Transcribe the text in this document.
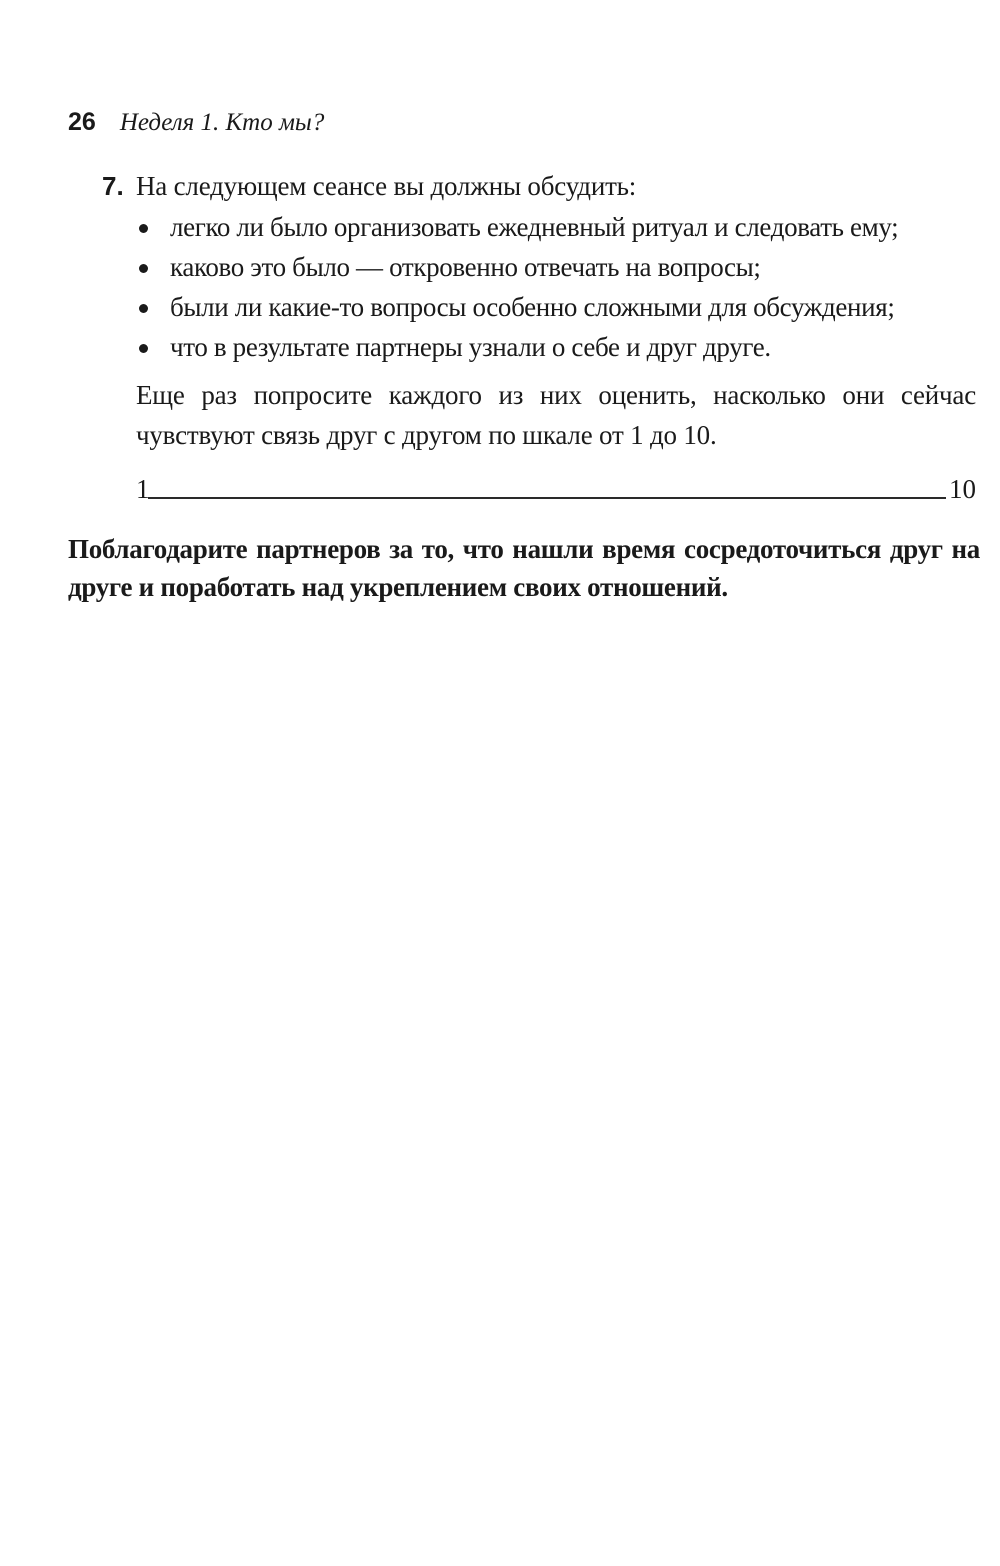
26 Неделя 1. Кто мы?
7. На следующем сеансе вы должны обсудить:
легко ли было организовать ежедневный ритуал и следовать ему;
каково это было — откровенно отвечать на вопросы;
были ли какие-то вопросы особенно сложными для обсуждения;
что в результате партнеры узнали о себе и друг друге.

Еще раз попросите каждого из них оценить, насколько они сейчас чувствуют связь друг с другом по шкале от 1 до 10.

1	10

Поблагодарите партнеров за то, что нашли время сосредоточиться друг на друге и поработать над укреплением своих отношений.
